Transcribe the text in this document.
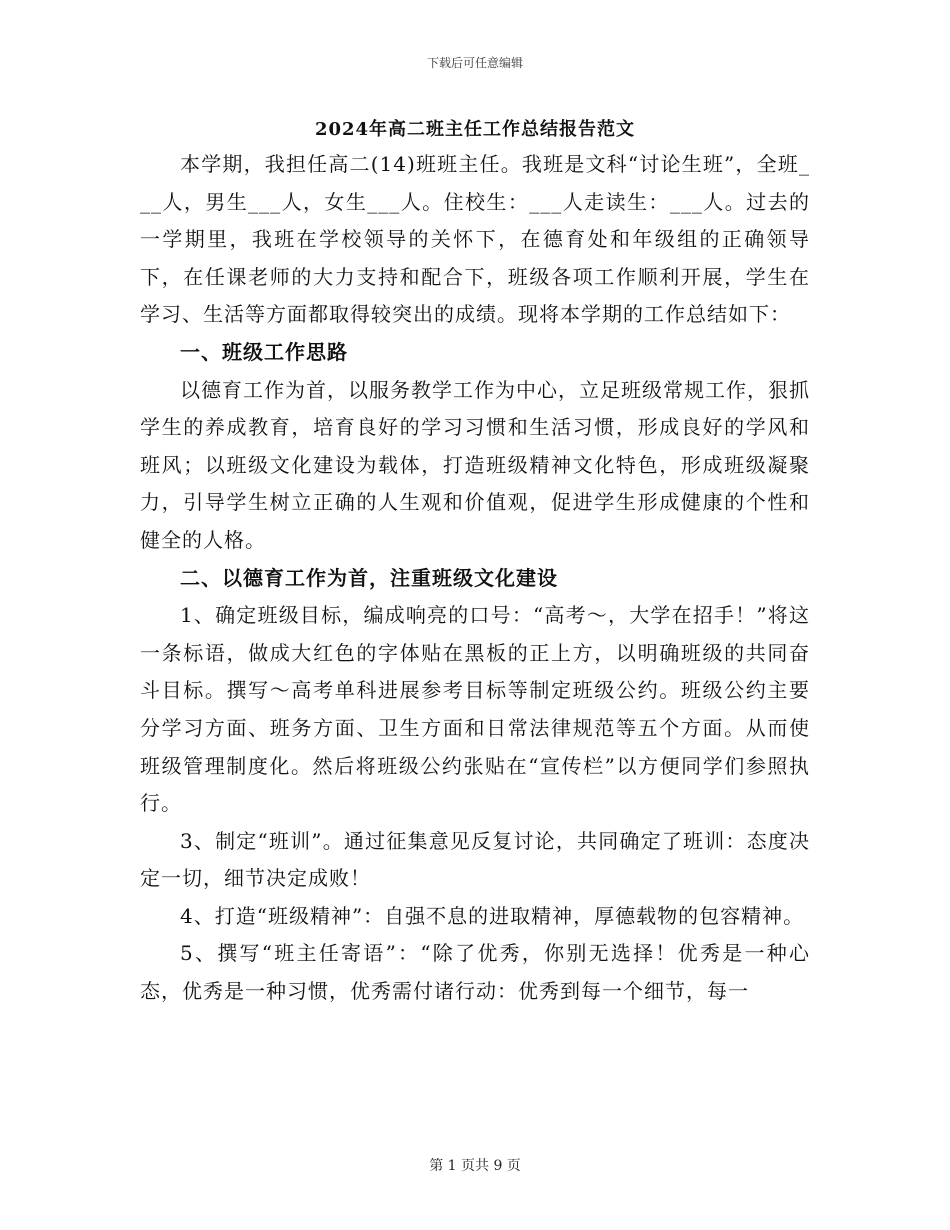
下载后可任意编辑
2024年高二班主任工作总结报告范文

本学期，我担任高二(14)班班主任。我班是文科“讨论生班”，全班___人，男生___人，女生___人。住校生：___人走读生：___人。过去的一学期里，我班在学校领导的关怀下，在德育处和年级组的正确领导下，在任课老师的大力支持和配合下，班级各项工作顺利开展，学生在学习、生活等方面都取得较突出的成绩。现将本学期的工作总结如下：

一、班级工作思路

以德育工作为首，以服务教学工作为中心，立足班级常规工作，狠抓学生的养成教育，培育良好的学习习惯和生活习惯，形成良好的学风和班风；以班级文化建设为载体，打造班级精神文化特色，形成班级凝聚力，引导学生树立正确的人生观和价值观，促进学生形成健康的个性和健全的人格。

二、以德育工作为首，注重班级文化建设

1、确定班级目标，编成响亮的口号：“高考～，大学在招手！”将这一条标语，做成大红色的字体贴在黑板的正上方，以明确班级的共同奋斗目标。撰写～高考单科进展参考目标等制定班级公约。班级公约主要分学习方面、班务方面、卫生方面和日常法律规范等五个方面。从而使班级管理制度化。然后将班级公约张贴在“宣传栏”以方便同学们参照执行。

3、制定“班训”。通过征集意见反复讨论，共同确定了班训：态度决定一切，细节决定成败！

4、打造“班级精神”：自强不息的进取精神，厚德载物的包容精神。

5、撰写“班主任寄语”：“除了优秀，你别无选择！优秀是一种心态，优秀是一种习惯，优秀需付诸行动：优秀到每一个细节，每一

第 1 页共 9 页
